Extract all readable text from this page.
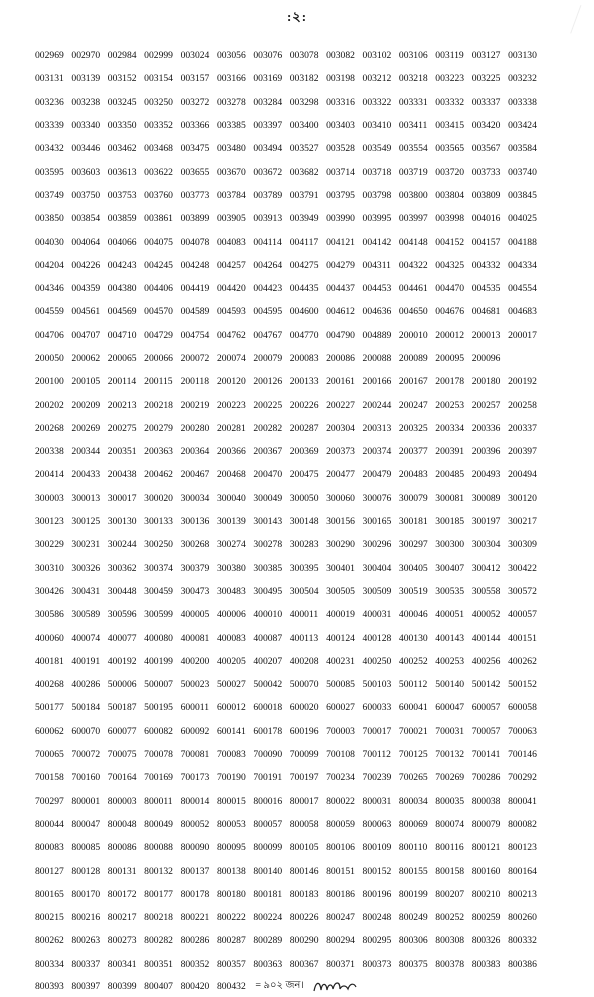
:২:
002969 002970 002984 002999 003024 003056 003076 003078 003082 003102 003106 003119 003127 003130
003131 003139 003152 003154 003157 003166 003169 003182 003198 003212 003218 003223 003225 003232
003236 003238 003245 003250 003272 003278 003284 003298 003316 003322 003331 003332 003337 003338
003339 003340 003350 003352 003366 003385 003397 003400 003403 003410 003411 003415 003420 003424
003432 003446 003462 003468 003475 003480 003494 003527 003528 003549 003554 003565 003567 003584
003595 003603 003613 003622 003655 003670 003672 003682 003714 003718 003719 003720 003733 003740
003749 003750 003753 003760 003773 003784 003789 003791 003795 003798 003800 003804 003809 003845
003850 003854 003859 003861 003899 003905 003913 003949 003990 003995 003997 003998 004016 004025
004030 004064 004066 004075 004078 004083 004114 004117 004121 004142 004148 004152 004157 004188
004204 004226 004243 004245 004248 004257 004264 004275 004279 004311 004322 004325 004332 004334
004346 004359 004380 004406 004419 004420 004423 004435 004437 004453 004461 004470 004535 004554
004559 004561 004569 004570 004589 004593 004595 004600 004612 004636 004650 004676 004681 004683
004706 004707 004710 004729 004754 004762 004767 004770 004790 004889 200010 200012 200013 200017
200050 200062 200065 200066 200072 200074 200079 200083 200086 200088 200089 200095 200096
200100 200105 200114 200115 200118 200120 200126 200133 200161 200166 200167 200178 200180 200192
200202 200209 200213 200218 200219 200223 200225 200226 200227 200244 200247 200253 200257 200258
200268 200269 200275 200279 200280 200281 200282 200287 200304 200313 200325 200334 200336 200337
200338 200344 200351 200363 200364 200366 200367 200369 200373 200374 200377 200391 200396 200397
200414 200433 200438 200462 200467 200468 200470 200475 200477 200479 200483 200485 200493 200494
300003 300013 300017 300020 300034 300040 300049 300050 300060 300076 300079 300081 300089 300120
300123 300125 300130 300133 300136 300139 300143 300148 300156 300165 300181 300185 300197 300217
300229 300231 300244 300250 300268 300274 300278 300283 300290 300296 300297 300300 300304 300309
300310 300326 300362 300374 300379 300380 300385 300395 300401 300404 300405 300407 300412 300422
300426 300431 300448 300459 300473 300483 300495 300504 300505 300509 300519 300535 300558 300572
300586 300589 300596 300599 400005 400006 400010 400011 400019 400031 400046 400051 400052 400057
400060 400074 400077 400080 400081 400083 400087 400113 400124 400128 400130 400143 400144 400151
400181 400191 400192 400199 400200 400205 400207 400208 400231 400250 400252 400253 400256 400262
400268 400286 500006 500007 500023 500027 500042 500070 500085 500103 500112 500140 500142 500152
500177 500184 500187 500195 600011 600012 600018 600020 600027 600033 600041 600047 600057 600058
600062 600070 600077 600082 600092 600141 600178 600196 700003 700017 700021 700031 700057 700063
700065 700072 700075 700078 700081 700083 700090 700099 700108 700112 700125 700132 700141 700146
700158 700160 700164 700169 700173 700190 700191 700197 700234 700239 700265 700269 700286 700292
700297 800001 800003 800011 800014 800015 800016 800017 800022 800031 800034 800035 800038 800041
800044 800047 800048 800049 800052 800053 800057 800058 800059 800063 800069 800074 800079 800082
800083 800085 800086 800088 800090 800095 800099 800105 800106 800109 800110 800116 800121 800123
800127 800128 800131 800132 800137 800138 800140 800146 800151 800152 800155 800158 800160 800164
800165 800170 800172 800177 800178 800180 800181 800183 800186 800196 800199 800207 800210 800213
800215 800216 800217 800218 800221 800222 800224 800226 800247 800248 800249 800252 800259 800260
800262 800263 800273 800282 800286 800287 800289 800290 800294 800295 800306 800308 800326 800332
800334 800337 800341 800351 800352 800357 800363 800367 800371 800373 800375 800378 800383 800386
800393 800397 800399 800407 800420 800432 = ৯০২ জন।
